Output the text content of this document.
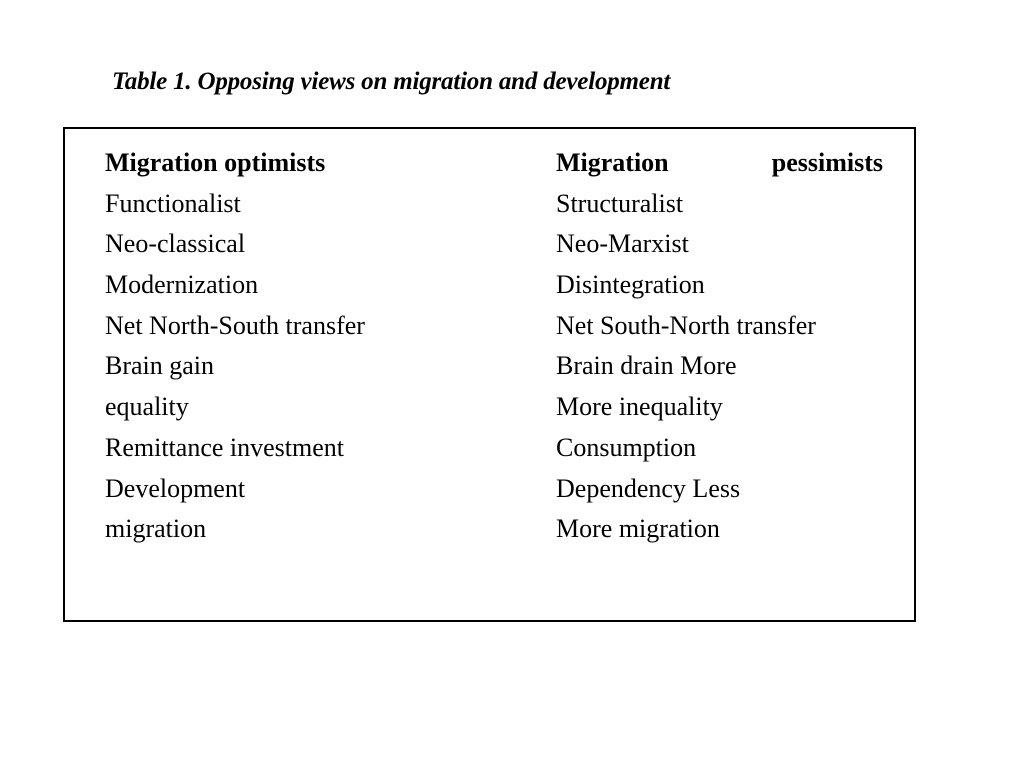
Table 1. Opposing views on migration and development
Migration optimists
Functionalist
Neo-classical
Modernization
Net North-South transfer
Brain gain
equality
Remittance investment
Development
migration
Migration	pessimists
Structuralist
Neo-Marxist
Disintegration
Net South-North transfer
Brain drain More
More inequality
Consumption
Dependency Less
More migration
